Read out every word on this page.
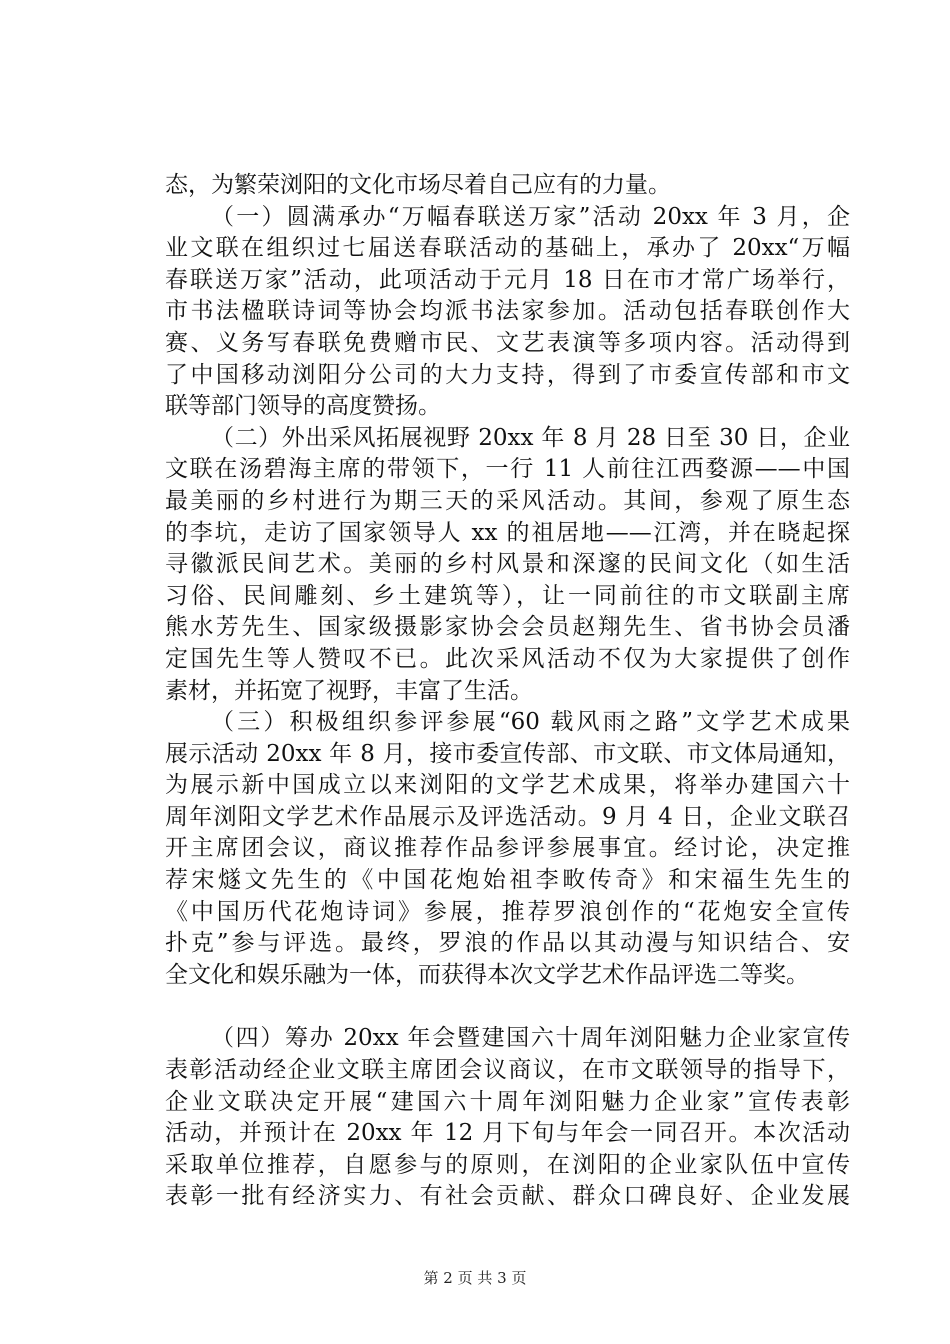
态，为繁荣浏阳的文化市场尽着自己应有的力量。
（一）圆满承办“万幅春联送万家”活动 20xx 年 3 月，企
业文联在组织过七届送春联活动的基础上，承办了 20xx“万幅
春联送万家”活动，此项活动于元月 18 日在市才常广场举行，
市书法楹联诗词等协会均派书法家参加。活动包括春联创作大
赛、义务写春联免费赠市民、文艺表演等多项内容。活动得到
了中国移动浏阳分公司的大力支持，得到了市委宣传部和市文
联等部门领导的高度赞扬。
（二）外出采风拓展视野 20xx 年 8 月 28 日至 30 日，企业
文联在汤碧海主席的带领下，一行 11 人前往江西婺源——中国
最美丽的乡村进行为期三天的采风活动。其间，参观了原生态
的李坑，走访了国家领导人 xx 的祖居地——江湾，并在晓起探
寻徽派民间艺术。美丽的乡村风景和深邃的民间文化（如生活
习俗、民间雕刻、乡土建筑等），让一同前往的市文联副主席
熊水芳先生、国家级摄影家协会会员赵翔先生、省书协会员潘
定国先生等人赞叹不已。此次采风活动不仅为大家提供了创作
素材，并拓宽了视野，丰富了生活。
（三）积极组织参评参展“60 载风雨之路”文学艺术成果
展示活动 20xx 年 8 月，接市委宣传部、市文联、市文体局通知，
为展示新中国成立以来浏阳的文学艺术成果，将举办建国六十
周年浏阳文学艺术作品展示及评选活动。9 月 4 日，企业文联召
开主席团会议，商议推荐作品参评参展事宜。经讨论，决定推
荐宋燧文先生的《中国花炮始祖李畋传奇》和宋福生先生的
《中国历代花炮诗词》参展，推荐罗浪创作的“花炮安全宣传
扑克”参与评选。最终，罗浪的作品以其动漫与知识结合、安
全文化和娱乐融为一体，而获得本次文学艺术作品评选二等奖。
（四）筹办 20xx 年会暨建国六十周年浏阳魅力企业家宣传
表彰活动经企业文联主席团会议商议，在市文联领导的指导下，
企业文联决定开展“建国六十周年浏阳魅力企业家”宣传表彰
活动，并预计在 20xx 年 12 月下旬与年会一同召开。本次活动
采取单位推荐，自愿参与的原则，在浏阳的企业家队伍中宣传
表彰一批有经济实力、有社会贡献、群众口碑良好、企业发展
第 2 页 共 3 页
